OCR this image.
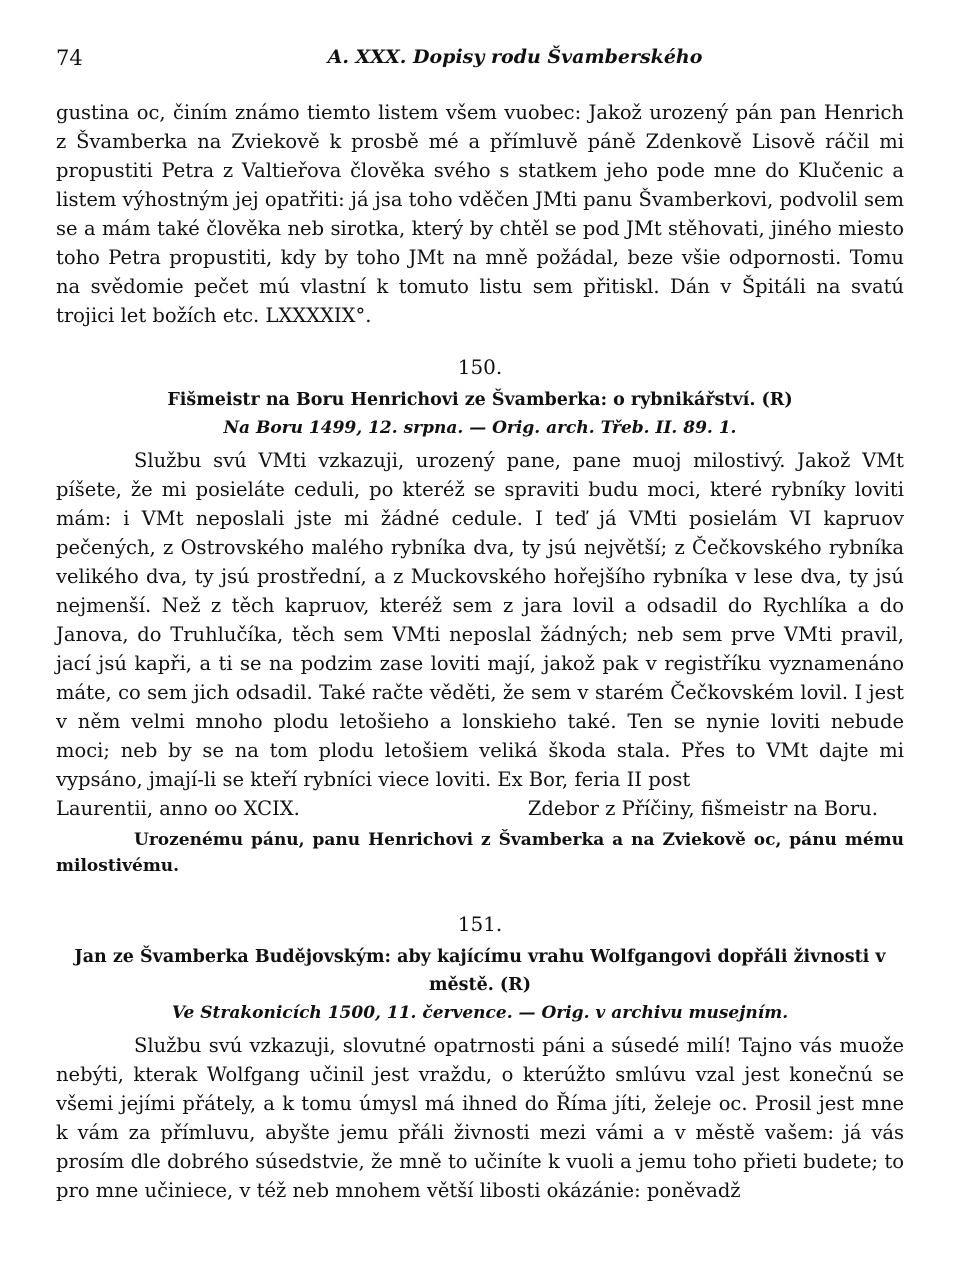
74	A. XXX. Dopisy rodu Švamberského

gustina oc, činím známo tiemto listem všem vuobec: Jakož urozený pán pan Henrich z Švamberka na Zviekově k prosbě mé a přímluvě páně Zdenkově Lisově ráčil mi propustiti Petra z Valtieřova člověka svého s statkem jeho pode mne do Klučenic a listem výhostným jej opatřiti: já jsa toho vděčen JMti panu Švamberkovi, podvolil sem se a mám také člověka neb sirotka, který by chtěl se pod JMt stěhovati, jiného miesto toho Petra propustiti, kdy by toho JMt na mně požádal, beze všie odpornosti. Tomu na svědomie pečet mú vlastní k tomuto listu sem přitiskl. Dán v Špitáli na svatú trojici let božích etc. LXXXXIX°.

150.

Fišmeistr na Boru Henrichovi ze Švamberka: o rybnikářství. (R)

Na Boru 1499, 12. srpna. — Orig. arch. Třeb. II. 89. 1.

Službu svú VMti vzkazuji, urozený pane, pane muoj milostivý. Jakož VMt píšete, že mi posieláte ceduli, po kteréž se spraviti budu moci, které rybníky loviti mám: i VMt neposlali jste mi žádné cedule. I teď já VMti posielám VI kapruov pečených, z Ostrovského malého rybníka dva, ty jsú největší; z Čečkovského rybníka velikého dva, ty jsú prostřední, a z Muckovského hořejšího rybníka v lese dva, ty jsú nejmenší. Než z těch kapruov, kteréž sem z jara lovil a odsadil do Rychlíka a do Janova, do Truhlučíka, těch sem VMti neposlal žádných; neb sem prve VMti pravil, jací jsú kapři, a ti se na podzim zase loviti mají, jakož pak v registříku vyznamenáno máte, co sem jich odsadil. Také račte věděti, že sem v starém Čečkovském lovil. I jest v něm velmi mnoho plodu letošieho a lonskieho také. Ten se nynie loviti nebude moci; neb by se na tom plodu letošiem veliká škoda stala. Přes to VMt dajte mi vypsáno, jmají-li se kteří rybníci viece loviti. Ex Bor, feria II post

Laurentii, anno oo XCIX.	Zdebor z Příčiny, fišmeistr na Boru.

Urozenému pánu, panu Henrichovi z Švamberka a na Zviekově oc, pánu mému milostivému.

151.

Jan ze Švamberka Budějovským: aby kajícímu vrahu Wolfgangovi dopřáli živnosti v městě. (R)

Ve Strakonicích 1500, 11. července. — Orig. v archivu musejním.

Službu svú vzkazuji, slovutné opatrnosti páni a súsedé milí! Tajno vás muože nebýti, kterak Wolfgang učinil jest vraždu, o kterúžto smlúvu vzal jest konečnú se všemi jejími přátely, a k tomu úmysl má ihned do Říma jíti, želeje oc. Prosil jest mne k vám za přímluvu, abyšte jemu přáli živnosti mezi vámi a v městě vašem: já vás prosím dle dobrého súsedstvie, že mně to učiníte k vuoli a jemu toho přieti budete; to pro mne učiniece, v též neb mnohem větší libosti okázánie: poněvadž
